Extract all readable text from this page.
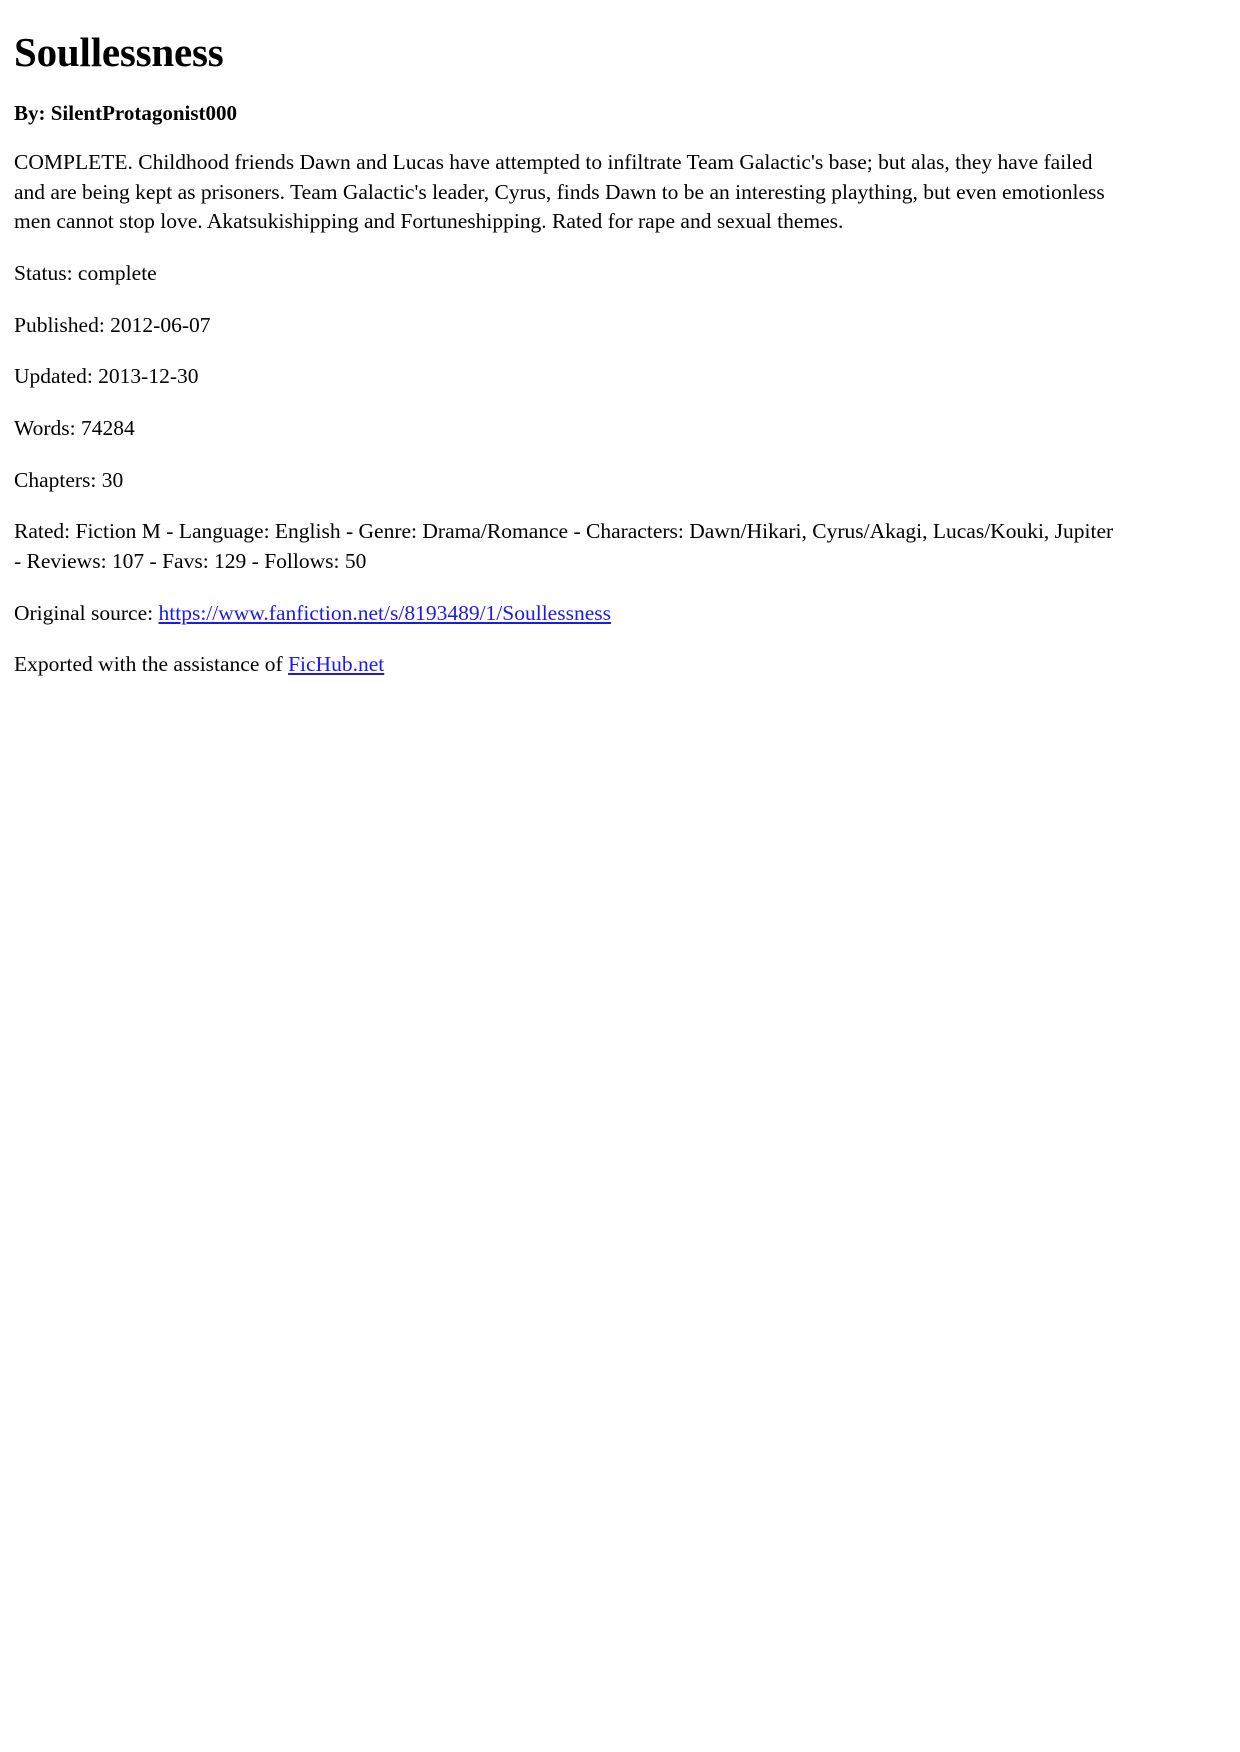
Soullessness
By: SilentProtagonist000

COMPLETE. Childhood friends Dawn and Lucas have attempted to infiltrate Team Galactic's base; but alas, they have failed and are being kept as prisoners. Team Galactic's leader, Cyrus, finds Dawn to be an interesting plaything, but even emotionless men cannot stop love. Akatsukishipping and Fortuneshipping. Rated for rape and sexual themes.

Status: complete

Published: 2012-06-07

Updated: 2013-12-30

Words: 74284

Chapters: 30

Rated: Fiction M - Language: English - Genre: Drama/Romance - Characters: Dawn/Hikari, Cyrus/Akagi, Lucas/Kouki, Jupiter - Reviews: 107 - Favs: 129 - Follows: 50

Original source: https://www.fanfiction.net/s/8193489/1/Soullessness

Exported with the assistance of FicHub.net
